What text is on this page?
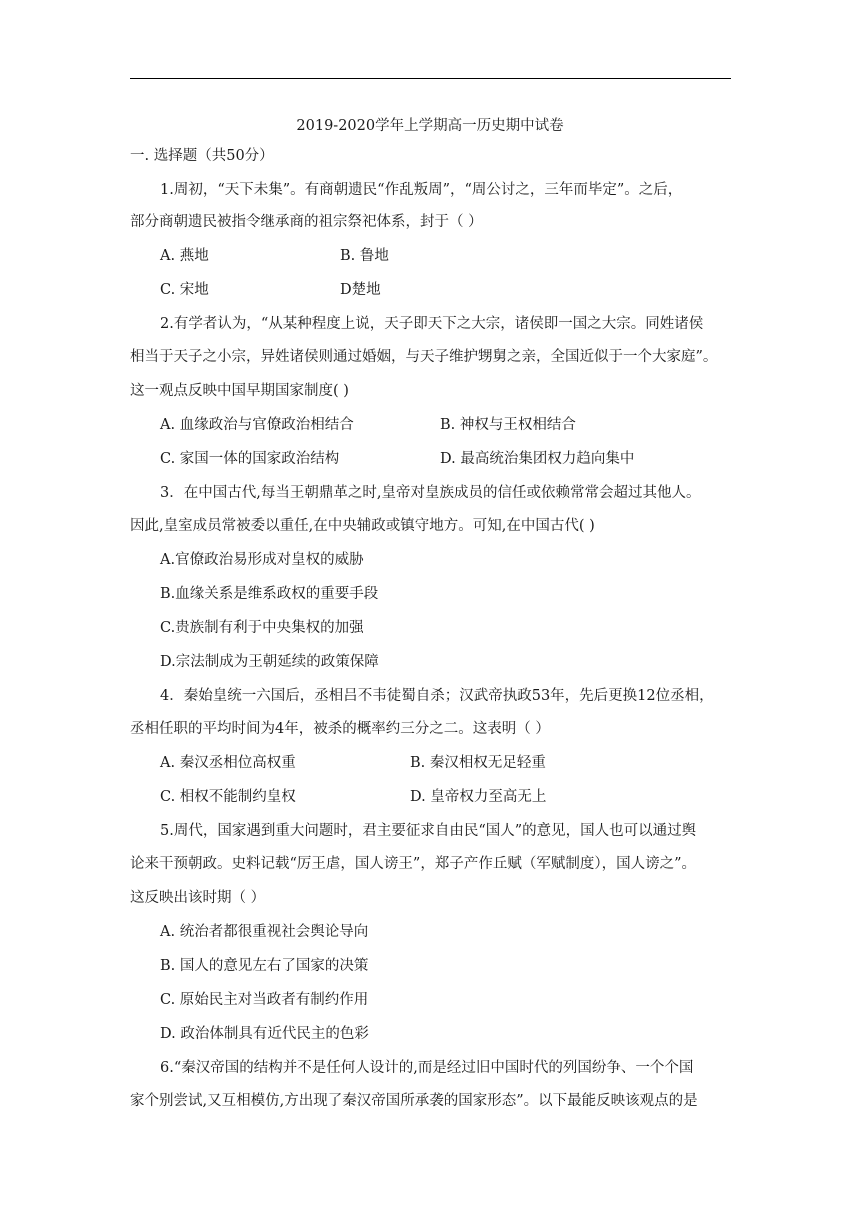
2019-2020学年上学期高一历史期中试卷
一. 选择题（共50分）
1.周初，“天下未集”。有商朝遗民“作乱叛周”，“周公讨之，三年而毕定”。之后，
部分商朝遗民被指令继承商的祖宗祭祀体系，封于（ ）
A. 燕地	B. 鲁地
C. 宋地	D楚地
2.有学者认为，“从某种程度上说，天子即天下之大宗，诸侯即一国之大宗。同姓诸侯
相当于天子之小宗，异姓诸侯则通过婚姻，与天子维护甥舅之亲，全国近似于一个大家庭”。
这一观点反映中国早期国家制度( )
A. 血缘政治与官僚政治相结合	B. 神权与王权相结合
C. 家国一体的国家政治结构	D. 最高统治集团权力趋向集中
3．在中国古代,每当王朝鼎革之时,皇帝对皇族成员的信任或依赖常常会超过其他人。
因此,皇室成员常被委以重任,在中央辅政或镇守地方。可知,在中国古代( )
A.官僚政治易形成对皇权的威胁
B.血缘关系是维系政权的重要手段
C.贵族制有利于中央集权的加强
D.宗法制成为王朝延续的政策保障
4．秦始皇统一六国后，丞相吕不韦徒蜀自杀；汉武帝执政53年，先后更换12位丞相，
丞相任职的平均时间为4年，被杀的概率约三分之二。这表明（ ）
A. 秦汉丞相位高权重	B. 秦汉相权无足轻重
C. 相权不能制约皇权	D. 皇帝权力至高无上
5.周代，国家遇到重大问题时，君主要征求自由民“国人”的意见，国人也可以通过舆
论来干预朝政。史料记载“厉王虐，国人谤王”，郑子产作丘赋（军赋制度），国人谤之”。
这反映出该时期（ ）
A. 统治者都很重视社会舆论导向
B. 国人的意见左右了国家的决策
C. 原始民主对当政者有制约作用
D. 政治体制具有近代民主的色彩
6.“秦汉帝国的结构并不是任何人设计的,而是经过旧中国时代的列国纷争、一个个国
家个别尝试,又互相模仿,方出现了秦汉帝国所承袭的国家形态”。以下最能反映该观点的是
